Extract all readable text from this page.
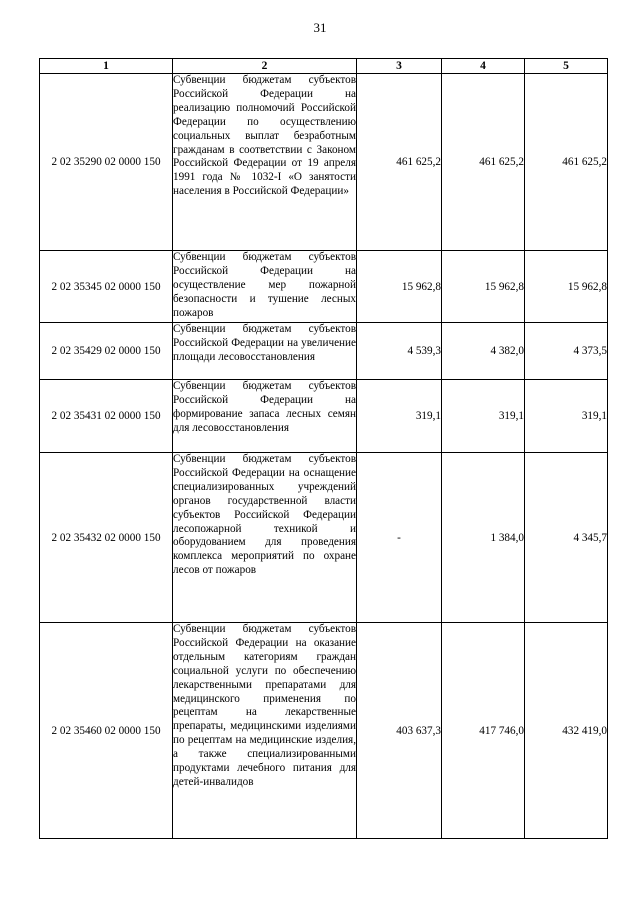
31
1	2	3	4	5
2 02 35290 02 0000 150	Субвенции бюджетам субъектов Российской Федерации на реализацию полномочий Российской Федерации по осуществлению социальных выплат безработным гражданам в соответствии с Законом Российской Федерации от 19 апреля 1991 года № 1032-I «О занятости населения в Российской Федерации»	461 625,2	461 625,2	461 625,2
2 02 35345 02 0000 150	Субвенции бюджетам субъектов Российской Федерации на осуществление мер пожарной безопасности и тушение лесных пожаров	15 962,8	15 962,8	15 962,8
2 02 35429 02 0000 150	Субвенции бюджетам субъектов Российской Федерации на увеличение площади лесовосстановления	4 539,3	4 382,0	4 373,5
2 02 35431 02 0000 150	Субвенции бюджетам субъектов Российской Федерации на формирование запаса лесных семян для лесовосстановления	319,1	319,1	319,1
2 02 35432 02 0000 150	Субвенции бюджетам субъектов Российской Федерации на оснащение специализированных учреждений органов государственной власти субъектов Российской Федерации лесопожарной техникой и оборудованием для проведения комплекса мероприятий по охране лесов от пожаров	-	1 384,0	4 345,7
2 02 35460 02 0000 150	Субвенции бюджетам субъектов Российской Федерации на оказание отдельным категориям граждан социальной услуги по обеспечению лекарственными препаратами для медицинского применения по рецептам на лекарственные препараты, медицинскими изделиями по рецептам на медицинские изделия, а также специализированными продуктами лечебного питания для детей-инвалидов	403 637,3	417 746,0	432 419,0
